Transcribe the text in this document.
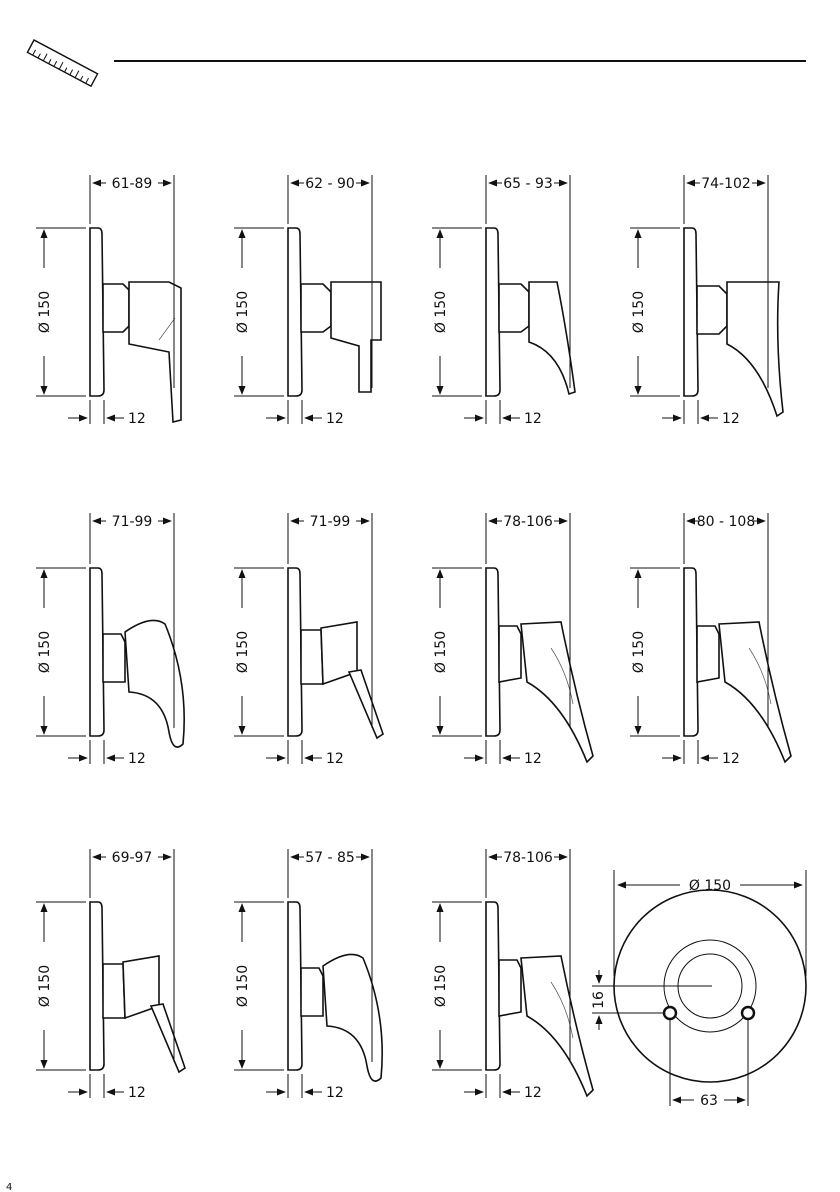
Ø 150
61-89
12
Ø 150
62 - 90
12
Ø 150
65 - 93
12
Ø 150
74-102
12
Ø 150
71-99
12
Ø 150
71-99
12
Ø 150
78-106
12
Ø 150
80 - 108
12
Ø 150
69-97
12
Ø 150
57 - 85
12
Ø 150
78-106
12
Ø 150
16
63
4
